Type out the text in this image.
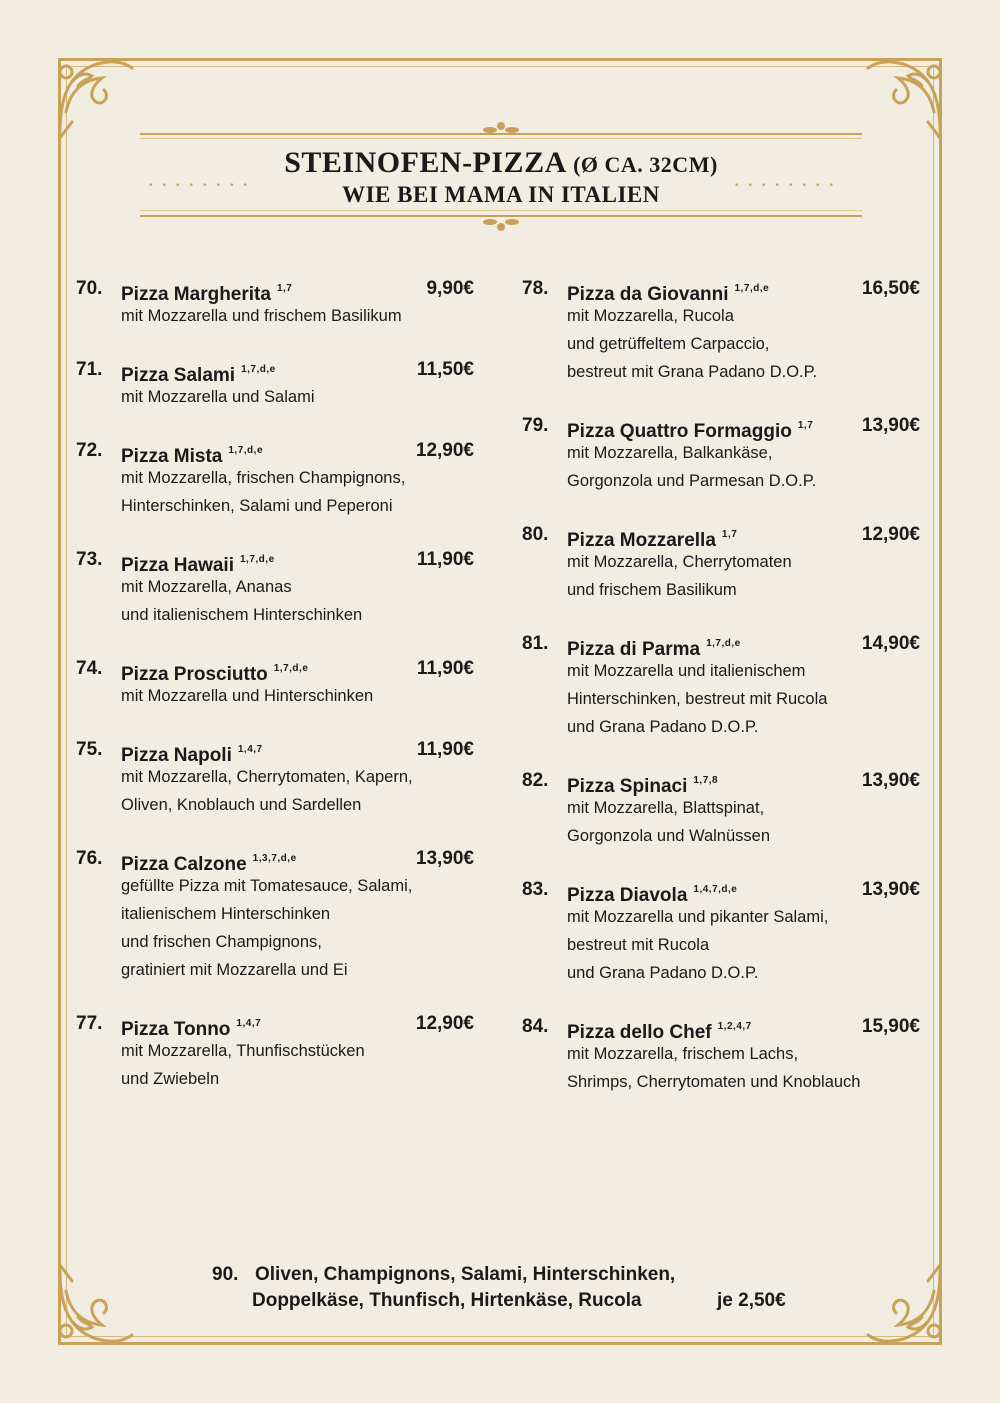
........	........
STEINOFEN-PIZZA (Ø CA. 32CM)
WIE BEI MAMA IN ITALIEN
70. Pizza Margherita $^{1,7}$	9,90€
mit Mozzarella und frischem Basilikum
71. Pizza Salami $^{1,7,d,e}$	11,50€
mit Mozzarella und Salami
72. Pizza Mista $^{1,7,d,e}$	12,90€
mit Mozzarella, frischen Champignons,
Hinterschinken, Salami und Peperoni
73. Pizza Hawaii $^{1,7,d,e}$	11,90€
mit Mozzarella, Ananas
und italienischem Hinterschinken
74. Pizza Prosciutto $^{1,7,d,e}$	11,90€
mit Mozzarella und Hinterschinken
75. Pizza Napoli $^{1,4,7}$	11,90€
mit Mozzarella, Cherrytomaten, Kapern,
Oliven, Knoblauch und Sardellen
76. Pizza Calzone $^{1,3,7,d,e}$	13,90€
gefüllte Pizza mit Tomatesauce, Salami,
italienischem Hinterschinken
und frischen Champignons,
gratiniert mit Mozzarella und Ei
77. Pizza Tonno $^{1,4,7}$	12,90€
mit Mozzarella, Thunfischstücken
und Zwiebeln
78. Pizza da Giovanni $^{1,7,d,e}$	16,50€
mit Mozzarella, Rucola
und getrüffeltem Carpaccio,
bestreut mit Grana Padano D.O.P.
79. Pizza Quattro Formaggio $^{1,7}$	13,90€
mit Mozzarella, Balkankäse,
Gorgonzola und Parmesan D.O.P.
80. Pizza Mozzarella $^{1,7}$	12,90€
mit Mozzarella, Cherrytomaten
und frischem Basilikum
81. Pizza di Parma $^{1,7,d,e}$	14,90€
mit Mozzarella und italienischem
Hinterschinken, bestreut mit Rucola
und Grana Padano D.O.P.
82. Pizza Spinaci $^{1,7,8}$	13,90€
mit Mozzarella, Blattspinat,
Gorgonzola und Walnüssen
83. Pizza Diavola $^{1,4,7,d,e}$	13,90€
mit Mozzarella und pikanter Salami,
bestreut mit Rucola
und Grana Padano D.O.P.
84. Pizza dello Chef $^{1,2,4,7}$	15,90€
mit Mozzarella, frischem Lachs,
Shrimps, Cherrytomaten und Knoblauch
90. Oliven, Champignons, Salami, Hinterschinken,
Doppelkäse, Thunfisch, Hirtenkäse, Rucola	je 2,50€
